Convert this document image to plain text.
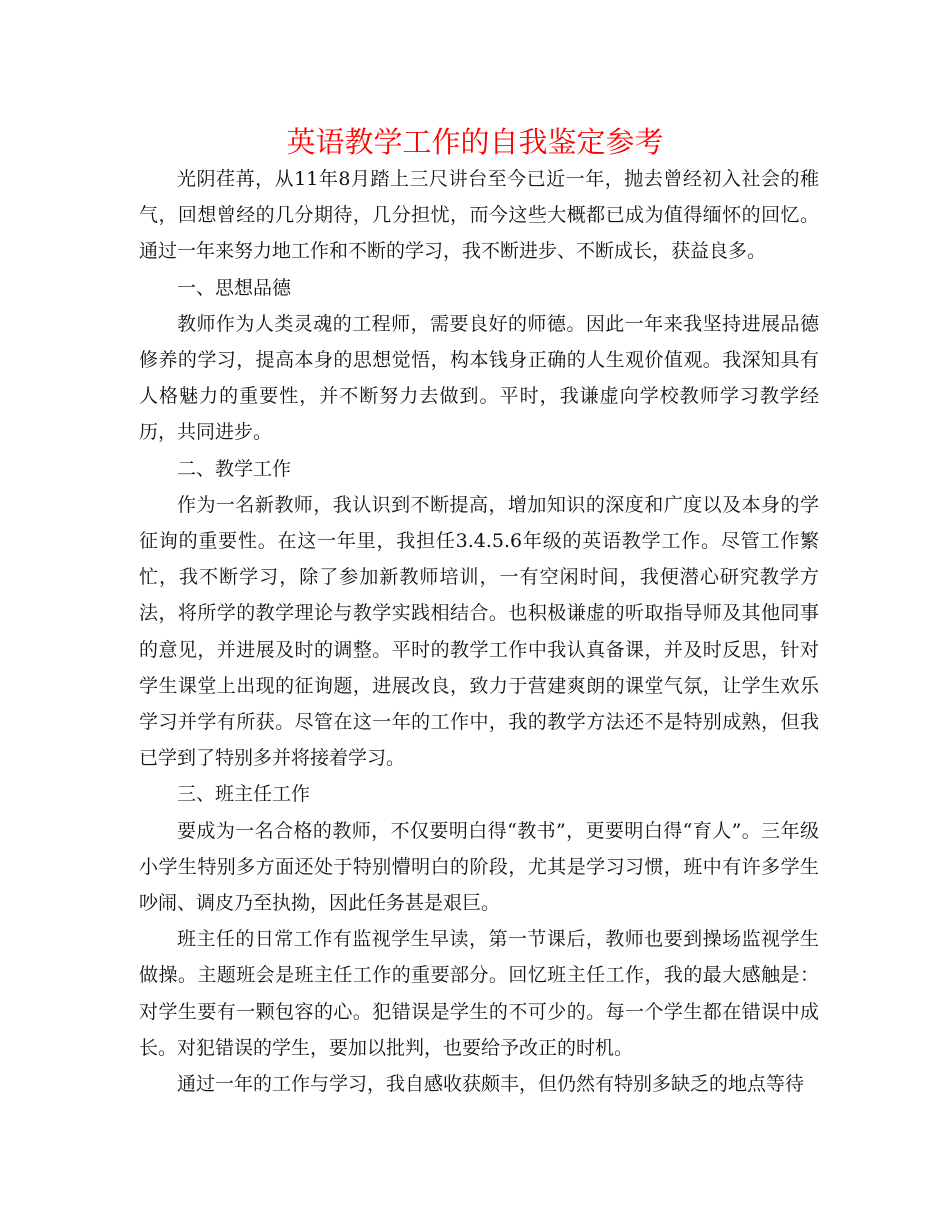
英语教学工作的自我鉴定参考

光阴荏苒，从11年8月踏上三尺讲台至今已近一年，抛去曾经初入社会的稚气，回想曾经的几分期待，几分担忧，而今这些大概都已成为值得缅怀的回忆。通过一年来努力地工作和不断的学习，我不断进步、不断成长，获益良多。

一、思想品德

教师作为人类灵魂的工程师，需要良好的师德。因此一年来我坚持进展品德修养的学习，提高本身的思想觉悟，构本钱身正确的人生观价值观。我深知具有人格魅力的重要性，并不断努力去做到。平时，我谦虚向学校教师学习教学经历，共同进步。

二、教学工作

作为一名新教师，我认识到不断提高，增加知识的深度和广度以及本身的学征询的重要性。在这一年里，我担任3.4.5.6年级的英语教学工作。尽管工作繁忙，我不断学习，除了参加新教师培训，一有空闲时间，我便潜心研究教学方法，将所学的教学理论与教学实践相结合。也积极谦虚的听取指导师及其他同事的意见，并进展及时的调整。平时的教学工作中我认真备课，并及时反思，针对学生课堂上出现的征询题，进展改良，致力于营建爽朗的课堂气氛，让学生欢乐学习并学有所获。尽管在这一年的工作中，我的教学方法还不是特别成熟，但我已学到了特别多并将接着学习。

三、班主任工作

要成为一名合格的教师，不仅要明白得“教书”，更要明白得“育人”。三年级小学生特别多方面还处于特别懵明白的阶段，尤其是学习习惯，班中有许多学生吵闹、调皮乃至执拗，因此任务甚是艰巨。

班主任的日常工作有监视学生早读，第一节课后，教师也要到操场监视学生做操。主题班会是班主任工作的重要部分。回忆班主任工作，我的最大感触是：对学生要有一颗包容的心。犯错误是学生的不可少的。每一个学生都在错误中成长。对犯错误的学生，要加以批判，也要给予改正的时机。

通过一年的工作与学习，我自感收获颇丰，但仍然有特别多缺乏的地点等待
